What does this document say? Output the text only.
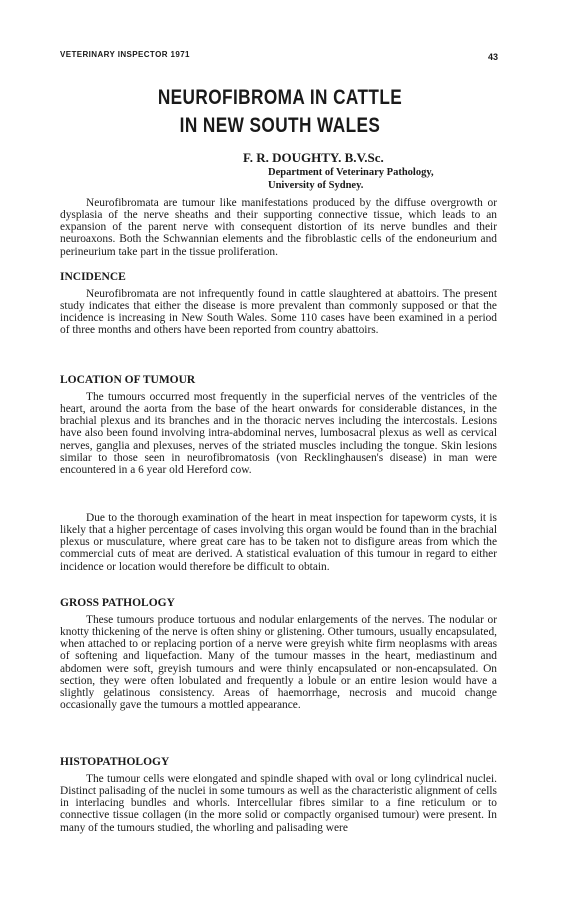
VETERINARY INSPECTOR 1971	43
NEUROFIBROMA IN CATTLE
IN NEW SOUTH WALES
F. R. DOUGHTY. B.V.Sc.
Department of Veterinary Pathology,
University of Sydney.

Neurofibromata are tumour like manifestations produced by the diffuse overgrowth or dysplasia of the nerve sheaths and their supporting connective tissue, which leads to an expansion of the parent nerve with consequent distortion of its nerve bundles and their neuroaxons. Both the Schwannian elements and the fibroblastic cells of the endoneurium and perineurium take part in the tissue proliferation.

INCIDENCE

Neurofibromata are not infrequently found in cattle slaughtered at abattoirs. The present study indicates that either the disease is more prevalent than commonly supposed or that the incidence is increasing in New South Wales. Some 110 cases have been examined in a period of three months and others have been reported from country abattoirs.

LOCATION OF TUMOUR

The tumours occurred most frequently in the superficial nerves of the ventricles of the heart, around the aorta from the base of the heart onwards for considerable distances, in the brachial plexus and its branches and in the thoracic nerves including the intercostals. Lesions have also been found involving intra-abdominal nerves, lumbosacral plexus as well as cervical nerves, ganglia and plexuses, nerves of the striated muscles including the tongue. Skin lesions similar to those seen in neurofibromatosis (von Recklinghausen's disease) in man were encountered in a 6 year old Hereford cow.

Due to the thorough examination of the heart in meat inspection for tapeworm cysts, it is likely that a higher percentage of cases involving this organ would be found than in the brachial plexus or musculature, where great care has to be taken not to disfigure areas from which the commercial cuts of meat are derived. A statistical evaluation of this tumour in regard to either incidence or location would therefore be difficult to obtain.

GROSS PATHOLOGY

These tumours produce tortuous and nodular enlargements of the nerves. The nodular or knotty thickening of the nerve is often shiny or glistening. Other tumours, usually encapsulated, when attached to or replacing portion of a nerve were greyish white firm neoplasms with areas of softening and liquefaction. Many of the tumour masses in the heart, mediastinum and abdomen were soft, greyish tumours and were thinly encapsulated or non-encapsulated. On section, they were often lobulated and frequently a lobule or an entire lesion would have a slightly gelatinous consistency. Areas of haemorrhage, necrosis and mucoid change occasionally gave the tumours a mottled appearance.

HISTOPATHOLOGY

The tumour cells were elongated and spindle shaped with oval or long cylindrical nuclei. Distinct palisading of the nuclei in some tumours as well as the characteristic alignment of cells in interlacing bundles and whorls. Intercellular fibres similar to a fine reticulum or to connective tissue collagen (in the more solid or compactly organised tumour) were present. In many of the tumours studied, the whorling and palisading were
